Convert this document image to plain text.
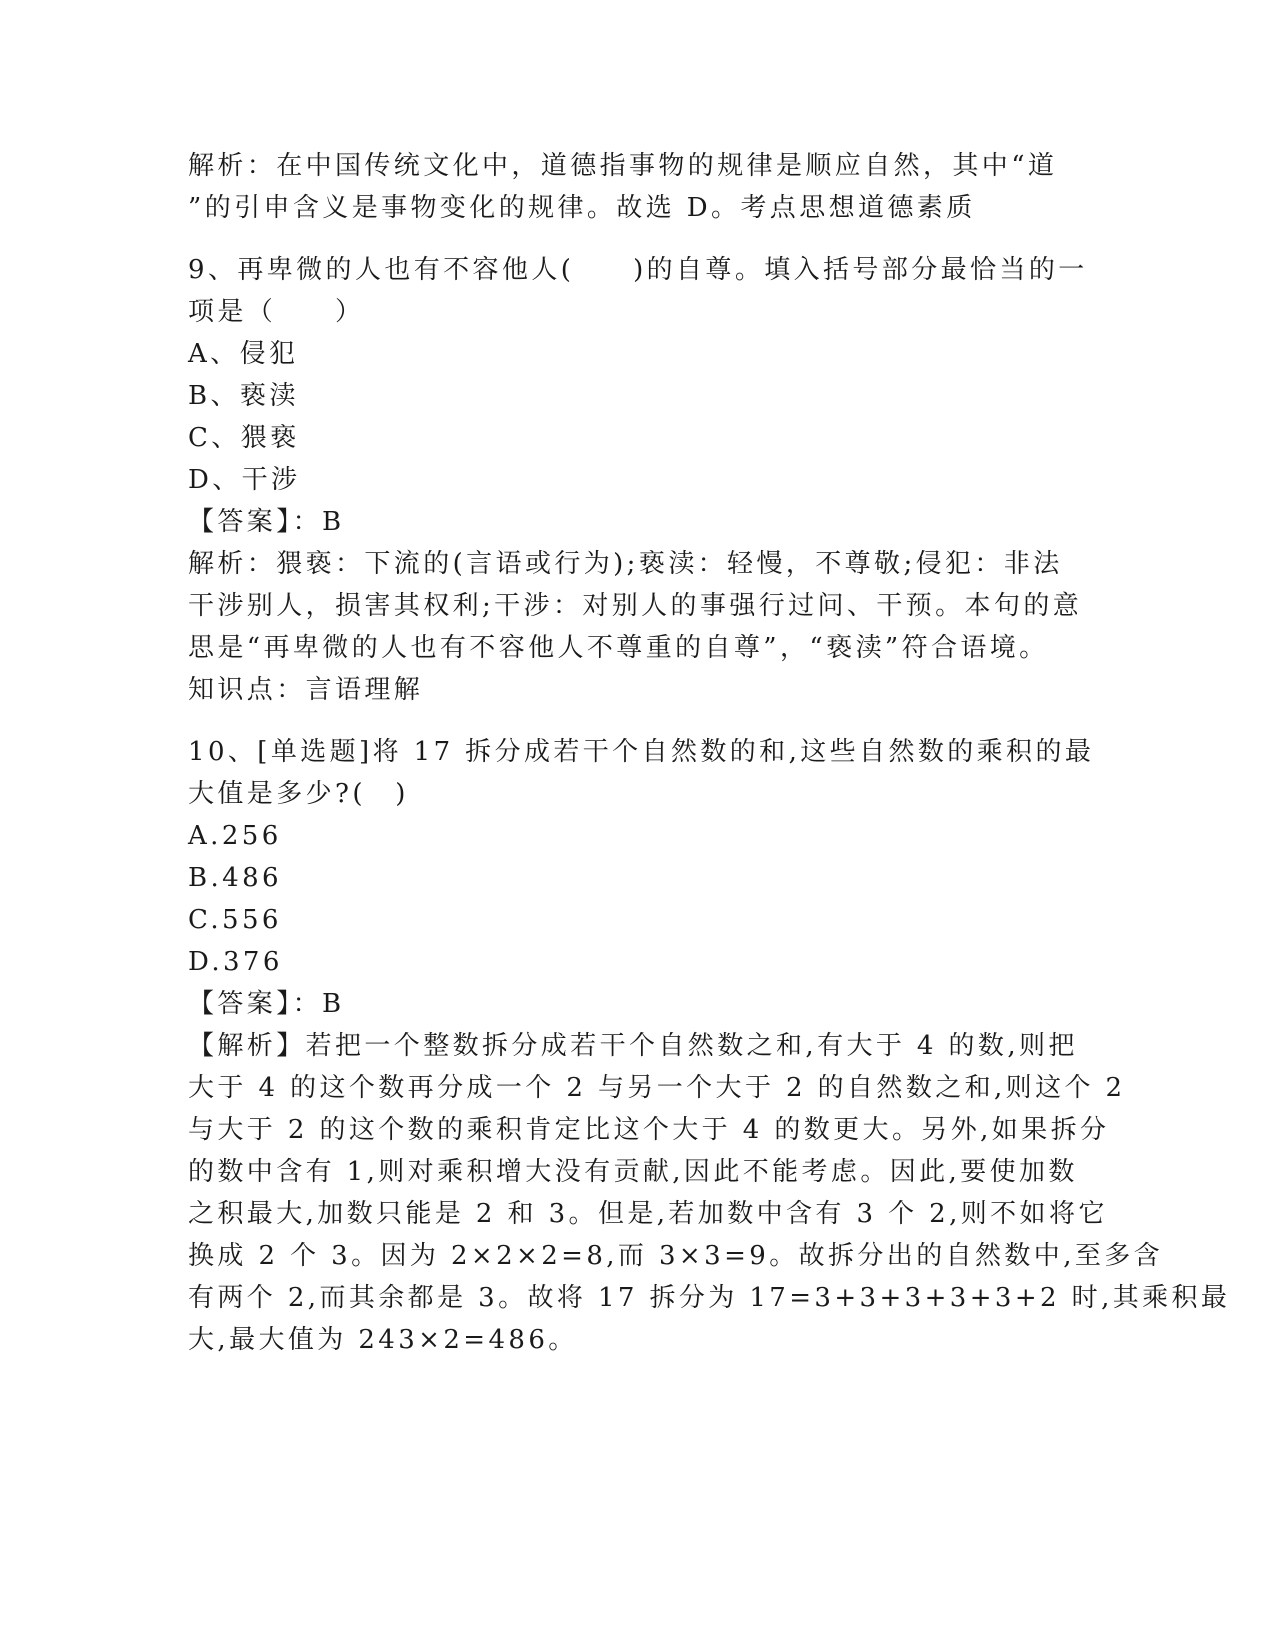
解析：在中国传统文化中，道德指事物的规律是顺应自然，其中“道
”的引申含义是事物变化的规律。故选 D。考点思想道德素质
9、再卑微的人也有不容他人(　　)的自尊。填入括号部分最恰当的一
项是（　　）
A、侵犯
B、亵渎
C、猥亵
D、干涉
【答案】：B
解析：猥亵：下流的(言语或行为);亵渎：轻慢，不尊敬;侵犯：非法
干涉别人，损害其权利;干涉：对别人的事强行过问、干预。本句的意
思是“再卑微的人也有不容他人不尊重的自尊”，“亵渎”符合语境。
知识点：言语理解
10、[单选题]将 17 拆分成若干个自然数的和,这些自然数的乘积的最
大值是多少?(　)
A.256
B.486
C.556
D.376
【答案】：B
【解析】若把一个整数拆分成若干个自然数之和,有大于 4 的数,则把
大于 4 的这个数再分成一个 2 与另一个大于 2 的自然数之和,则这个 2
与大于 2 的这个数的乘积肯定比这个大于 4 的数更大。另外,如果拆分
的数中含有 1,则对乘积增大没有贡献,因此不能考虑。因此,要使加数
之积最大,加数只能是 2 和 3。但是,若加数中含有 3 个 2,则不如将它
换成 2 个 3。因为 2×2×2=8,而 3×3=9。故拆分出的自然数中,至多含
有两个 2,而其余都是 3。故将 17 拆分为 17=3+3+3+3+3+2 时,其乘积最
大,最大值为 243×2=486。
